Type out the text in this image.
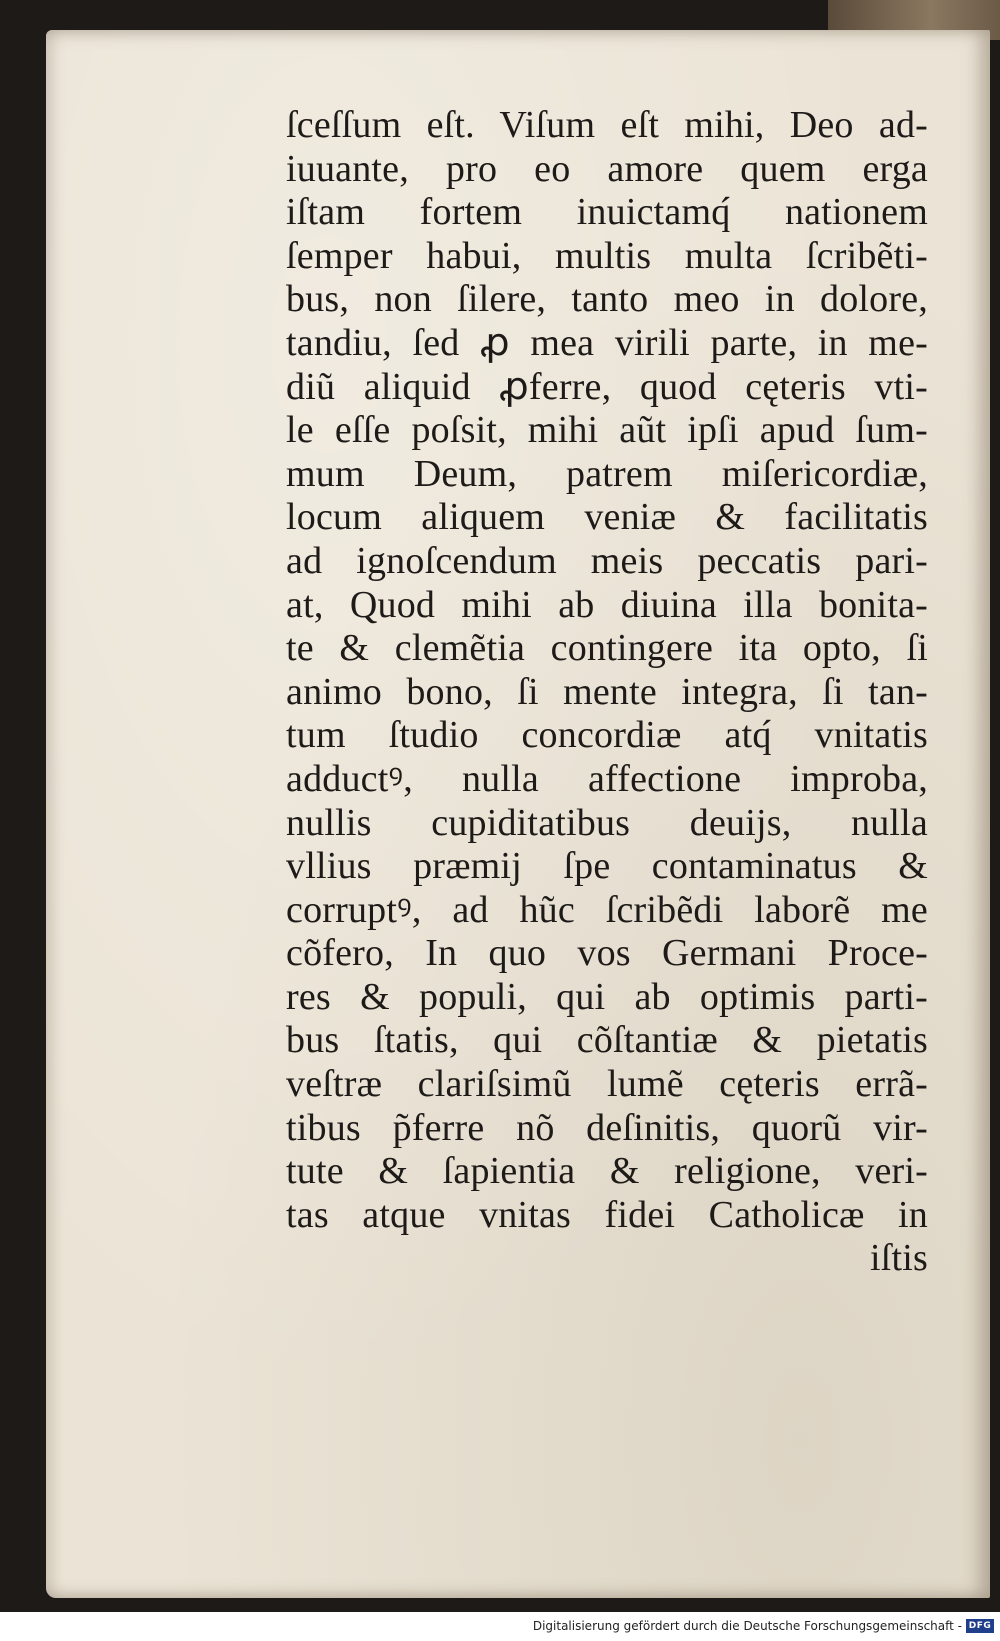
ſceſſum eſt. Viſum eſt mihi, Deo ad-
iuuante, pro eo amore quem erga
iſtam fortem inuictamq́ nationem
ſemper habui, multis multa ſcribẽti-
bus, non ſilere, tanto meo in dolore,
tandiu, ſed ꝓ mea virili parte, in me-
diũ aliquid ꝓferre, quod cęteris vti-
le eſſe poſsit, mihi aũt ipſi apud ſum-
mum Deum, patrem miſericordiæ,
locum aliquem veniæ & facilitatis
ad ignoſcendum meis peccatis pari-
at, Quod mihi ab diuina illa bonita-
te & clemẽtia contingere ita opto, ſi
animo bono, ſi mente integra, ſi tan-
tum ſtudio concordiæ atq́ vnitatis
adductꝰ, nulla affectione improba,
nullis cupiditatibus deuijs, nulla
vllius præmij ſpe contaminatus &
corruptꝰ, ad hũc ſcribẽdi laborẽ me
cõfero, In quo vos Germani Proce-
res & populi, qui ab optimis parti-
bus ſtatis, qui cõſtantiæ & pietatis
veſtræ clariſsimũ lumẽ cęteris errã-
tibus p̃ferre nõ deſinitis, quorũ vir-
tute & ſapientia & religione, veri-
tas atque vnitas fidei Catholicæ in
iſtis
Digitalisierung gefördert durch die Deutsche Forschungsgemeinschaft - DFG
